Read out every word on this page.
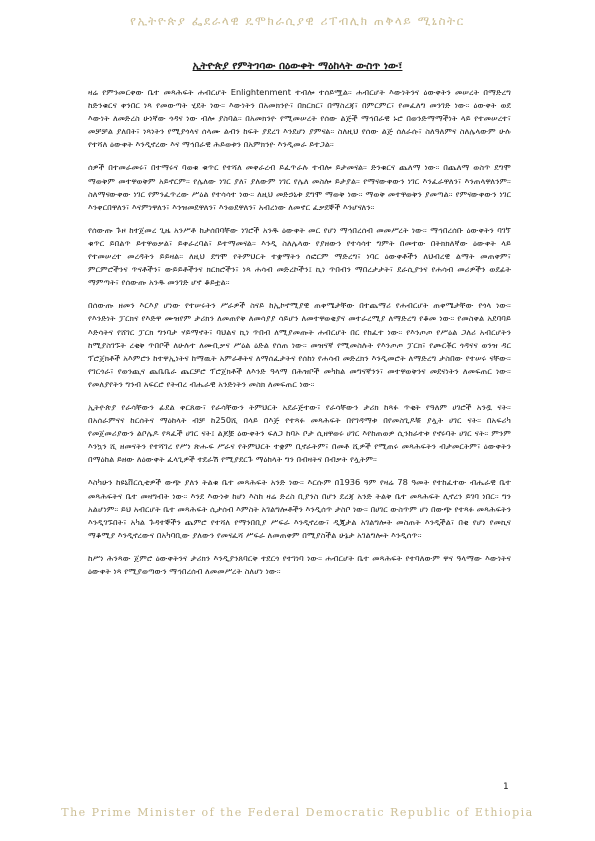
የኢትዮጵያ ፌደራላዊ ዴሞክራሲያዊ ሪፐብሊክ ጠቅላይ ሚኒስትር
ኢትዮጵያ የምትገባው በዕውቀት ማዕከላት ውስጥ ነው፣

ዛሬ የምንመርቀው ቤተ መጻሕፍት ሐብርሆት Enlightenment ተብሎ ተሰይሟል። ሐብርሆት እውነትንና ዕውቀትን መሠረት በማድረግ ከድንቁርና ቀንበር ነጻ የመውጣት ሂደት ነው። እውነትን በአመክንዮ፣ በክርክር፣ በማስረጃ፣ በምርምር፣ የመፈለግ መንገድ ነው። ዕውቀት ወደ እውነት ለመድረስ ሁነኛው ጎዳና ነው ብሎ ያስባል። በአመክንዮ የሚመሠረት የሰው ልጅች ማኅበራዊ ኑሮ በወንድማማችነት ላይ የተመሠረተ፣ መቻቻል ያለበት፣ ነጻነትን የሚያጎላና ሰላሙ ልብን ከፍት ያደረገ እንደሆነ ያምናል። ስለዚህ የሰው ልጅ ሰለራሱ፣ ስለዓለምና ስለሌላውም ሁሉ የተሻለ ዕውቀት እንዲኖረው እና ማኅበራዊ ሕይወቱን በአምክንዮ እንዲመራ ይተጋል።

ሰዎች በተመራመሩ፣ በተማሩና ባወቁ ቁጥር የተሻለ መቀራረብ ይፈጥራሉ ተብሎ ይታመናል። ድንቁርና ጨለማ ነው። በጨለማ ወስጥ ደግሞ ማወቅም መተዋወቅም አይኖርም። የሌለው ነገር ያለ፣ ያለውም ነገር የሌለ መስሎ ይታያል። የማናውቀውን ነገር እንፈራዋለን፣ እንጠላዋለንም። ስለማናውቀው ነገር የምንፈጥረው ሥዕል የተሳሳተ ነው። ለዚህ መድኃኒቱ ደግሞ ማወቅ ነው። ማወቅ መተዋወቅን ያመጣል። የምናውቀውን ነገር እንቀርበዋለን፣ እናምነዋለን፣ እንዝመደዋለን፣ እንወደዋለን፣ አብረነው ለመኖር ፈቃደኞች እንሆናለን።

የሰውጡ ጉዞ ከተጀመረ ጊዜ አንሥቶ ከታሰበባቸው ነገሮች አንዱ ዕውቀት መር የሆነ ማኅበረሰብ መመሥረት ነው። ማኅበረሰቡ ዕውቀትን ባገኘ ቁጥር ይበልጥ ይተዋወቃል፣ ይቀራረባል፣ ይተማመናል። እንዲ ስለሌላው የያዘውን የተሳሳተ ግምት በመተው በትክክለኛው ዕውቀት ላይ የተመሠረተ መረዳትን ይይዛል። ለዚህ ደግሞ የትምህርት ተቋማትን ሰፎርም ማድረግ፣ ነባር ዕውቀቶችን ለህብረዊ ልማት መጠቀም፣ ምርምሮችንና ጥናቶችን፣ ውይይቶችንና ክርክሮችን፣ ነጻ ሐሳብ መድረኮችን፤ ኪነ ጥበብን ማበረታታት፣ ደራሲያንና የሐሳብ መሪዎችን ወደፊት ማምጣት፣ የሰውጡ አንዱ መንገድ ሆኖ ቆይቷል።

በሰውጡ ዘመን እርእያ ሆነው የተሠሩትን ሥራዎች ስናይ ከኢኮኖሚያዊ ጠቀሜታቸው በተጨማሪ የሐብርሆት ጠቀሜታቸው የጎላ ነው። የእንድነት ፓርክና የእድዋ ሙዝየም ታሪክን ለመጠየቅ ለመሳያያ ሳይሆን ለመተዋወቂያና መተራረሚያ ለማድረግ የቆመ ነው። የመስቀል አደባባይ እድሳትና የሸገር ፓርክ ግንባታ ሃይማኖት፣ ባህልና ኪነ ጥበብ ለሚያመጡት ሐብርሆት በር የከፈተ ነው። የእንጦጦ የሥዕል ጋለሪ አብርሆትን ከሚያስገኙት ረቂቅ ጥበቦች ለሁሉተ ለሙቢቃና ሥዕል ዕድል የሰጠ ነው። መዝናኛ የሚመስሉት የእንጦጦ ፓርክ፣ የጮርቾር ጎዳናና ወንዝ ዳር ፕሮጀክቶች አእምሮን ከተዋኢነትና ከማዉት አምራቶትና ለማሰፈታትና የሰከነ የሐሳብ መድረክን እንዲመሮት ለማድረግ ታስበው የተሠሩ ናቸው። የገርጎራ፣ የወንጪና ጨቤቤራ ጨርቻሮ ፕሮጀክቶች ለእንድ ዓላማ በሕዝቦች መካከል መግናኛንን፣ መተዋወቅንና መደናነትን ለመፍጠር ነው። የመለያየትን ግንብ አፍርሮ የትብረ ብሔራዊ አንድነትን መስክ ለመፍጠር ነው።

ኢትዮጵያ የራሳቸውን ፊደል ቀርጸው፣ የራሳቸውን ትምህርት አደራጅተው፣ የራሳቸውን ታሪክ ከጻፉ ጥቂት የዓለም ሀገሮች አንዷ ናት። በአሰራምናና ከርሰትና ማዕከላት ብቻ ከ250ሺ በላይ በእጅ የተጻፉ መጻሕፍት በየገዳማቱ በየመስጊዶቹ ያሏት ሀገር ናት። በአፍሪካ የመጀመሪያውን ልቦሌዶ የጻፈች ሀገር ናት፤ ልጆቿ ዕውቀትን ፍለጋ ከባኦ ቦታ ሲዘዋወሩ ሀገር እየከጠወዎ ሲንከራተቱ የኖሩባት ሀገር ናት። ምንም እንኳን ሺ ዘመናትን የተሻገረ የሥነ ጽሑፍ ሥራና የትምህርት ተቋም ቢኖራትም፣ በመቶ ሺዎች የሚጠሩ መጻሕፍትን ብታመርትም፣ ዕውቀትን በማዕከል ይዘው ለዕውቀት ፈላጊዎች ተደራሽ የሚያደርጉ ማዕከላት ግን በብዛትና በብቃት የሏትም።

እስካሁን ከዩኒቨርሲቲዎች ውጭ ያለን ትልቁ ቤተ መጻሕፍት አንድ ነው። እርሱም በ1936 ዓም የዛሬ 78 ዓመት የተከፈተው ብሔራዊ ቤተ መጻሕፍትና ቤተ መዛግብት ነው። እንደ እውነቱ ከሆነ እስከ ዛሬ ድረስ ቢያንስ በሆን ደረጃ አንድ ትልቅ ቤተ መጻሕፍት ሊኖረን ይገባ ነበር። ግን አልሆነም። ይህ አብርሆት ቤተ መጻሕፍት ሲታሰብ እምስት አገልግሎቶችን እንዲሰጥ ታስቦ ነው። በሀገር ውስጥም ሆነ በውጭ የተጻፉ መጻሕፍትን እንዲገኙበት፣ አካል ጉዳተኞችን ጨምሮ የተሻለ የማንበቢያ ሥፍራ እንዲኖረው፣ ዲጂታል አገልግሎት መስጠት እንዲችል፣ በቂ የሆነ የመኪና ማቆሚያ እንዲኖረውና በአካባቢው ያለውን የመናፈሻ ሥፍራ ለመጠቀም በሚያስችል ሁኔታ አገልግሎት እንዲሰጥ።

ከሥነ ሕንጻው ጀምሮ ዕውቀትንና ታሪክን እንዲያንጸባርቅ ተደርጎ የተገነባ ነው። ሐብርሆት ቤተ መጻሕፍት የተባለውም ዋና ዓላማው እውነትና ዕውቀት ነጻ የሚያወጣውን ማኅበረሰብ ለመመሥረት ስለሆነ ነው።

1
The Prime Minister of the Federal Democratic Republic of Ethiopia
